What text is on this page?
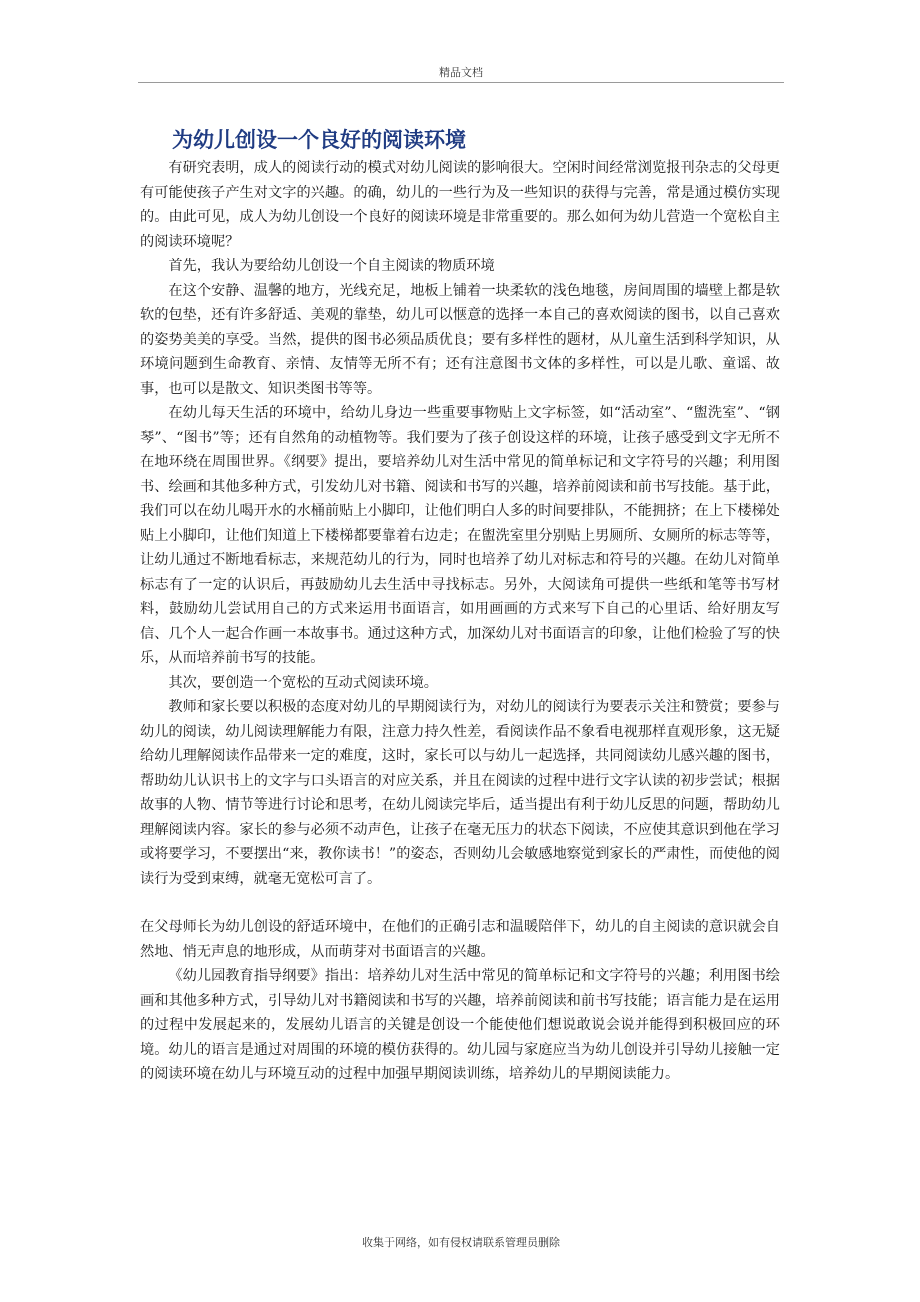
精品文档
为幼儿创设一个良好的阅读环境

有研究表明，成人的阅读行动的模式对幼儿阅读的影响很大。空闲时间经常浏览报刊杂志的父母更有可能使孩子产生对文字的兴趣。的确，幼儿的一些行为及一些知识的获得与完善，常是通过模仿实现的。由此可见，成人为幼儿创设一个良好的阅读环境是非常重要的。那么如何为幼儿营造一个宽松自主的阅读环境呢？

首先，我认为要给幼儿创设一个自主阅读的物质环境

在这个安静、温馨的地方，光线充足，地板上铺着一块柔软的浅色地毯，房间周围的墙壁上都是软软的包垫，还有许多舒适、美观的靠垫，幼儿可以惬意的选择一本自己的喜欢阅读的图书，以自己喜欢的姿势美美的享受。当然，提供的图书必须品质优良；要有多样性的题材，从儿童生活到科学知识，从环境问题到生命教育、亲情、友情等无所不有；还有注意图书文体的多样性，可以是儿歌、童谣、故事，也可以是散文、知识类图书等等。

在幼儿每天生活的环境中，给幼儿身边一些重要事物贴上文字标签，如“活动室”、“盥洗室”、“钢琴”、“图书”等；还有自然角的动植物等。我们要为了孩子创设这样的环境，让孩子感受到文字无所不在地环绕在周围世界。《纲要》提出，要培养幼儿对生活中常见的简单标记和文字符号的兴趣；利用图书、绘画和其他多种方式，引发幼儿对书籍、阅读和书写的兴趣，培养前阅读和前书写技能。基于此，我们可以在幼儿喝开水的水桶前贴上小脚印，让他们明白人多的时间要排队，不能拥挤；在上下楼梯处贴上小脚印，让他们知道上下楼梯都要靠着右边走；在盥洗室里分别贴上男厕所、女厕所的标志等等，让幼儿通过不断地看标志，来规范幼儿的行为，同时也培养了幼儿对标志和符号的兴趣。在幼儿对简单标志有了一定的认识后，再鼓励幼儿去生活中寻找标志。另外，大阅读角可提供一些纸和笔等书写材料，鼓励幼儿尝试用自己的方式来运用书面语言，如用画画的方式来写下自己的心里话、给好朋友写信、几个人一起合作画一本故事书。通过这种方式，加深幼儿对书面语言的印象，让他们检验了写的快乐，从而培养前书写的技能。

其次，要创造一个宽松的互动式阅读环境。

教师和家长要以积极的态度对幼儿的早期阅读行为，对幼儿的阅读行为要表示关注和赞赏；要参与幼儿的阅读，幼儿阅读理解能力有限，注意力持久性差，看阅读作品不象看电视那样直观形象，这无疑给幼儿理解阅读作品带来一定的难度，这时，家长可以与幼儿一起选择，共同阅读幼儿感兴趣的图书，帮助幼儿认识书上的文字与口头语言的对应关系，并且在阅读的过程中进行文字认读的初步尝试；根据故事的人物、情节等进行讨论和思考，在幼儿阅读完毕后，适当提出有利于幼儿反思的问题，帮助幼儿理解阅读内容。家长的参与必须不动声色，让孩子在毫无压力的状态下阅读，不应使其意识到他在学习或将要学习，不要摆出“来，教你读书！”的姿态，否则幼儿会敏感地察觉到家长的严肃性，而使他的阅读行为受到束缚，就毫无宽松可言了。

在父母师长为幼儿创设的舒适环境中，在他们的正确引志和温暖陪伴下，幼儿的自主阅读的意识就会自然地、悄无声息的地形成，从而萌芽对书面语言的兴趣。

《幼儿园教育指导纲要》指出：培养幼儿对生活中常见的简单标记和文字符号的兴趣；利用图书绘画和其他多种方式，引导幼儿对书籍阅读和书写的兴趣，培养前阅读和前书写技能；语言能力是在运用的过程中发展起来的，发展幼儿语言的关键是创设一个能使他们想说敢说会说并能得到积极回应的环境。幼儿的语言是通过对周围的环境的模仿获得的。幼儿园与家庭应当为幼儿创设并引导幼儿接触一定的阅读环境在幼儿与环境互动的过程中加强早期阅读训练，培养幼儿的早期阅读能力。

收集于网络，如有侵权请联系管理员删除
